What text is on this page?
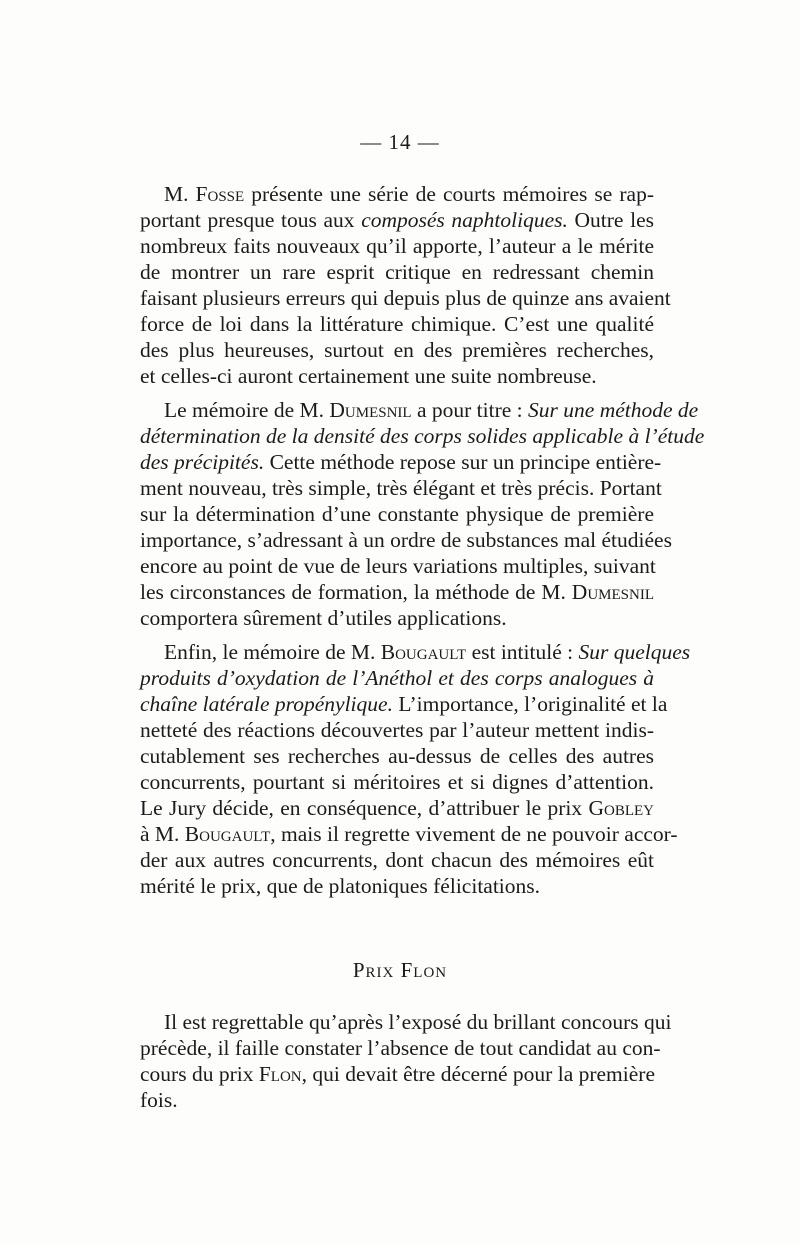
— 14 —
M. Fosse présente une série de courts mémoires se rap-
portant presque tous aux composés naphtoliques. Outre les
nombreux faits nouveaux qu’il apporte, l’auteur a le mérite
de montrer un rare esprit critique en redressant chemin
faisant plusieurs erreurs qui depuis plus de quinze ans avaient
force de loi dans la littérature chimique. C’est une qualité
des plus heureuses, surtout en des premières recherches,
et celles-ci auront certainement une suite nombreuse.
Le mémoire de M. Dumesnil a pour titre : Sur une méthode de
détermination de la densité des corps solides applicable à l’étude
des précipités. Cette méthode repose sur un principe entière-
ment nouveau, très simple, très élégant et très précis. Portant
sur la détermination d’une constante physique de première
importance, s’adressant à un ordre de substances mal étudiées
encore au point de vue de leurs variations multiples, suivant
les circonstances de formation, la méthode de M. Dumesnil
comportera sûrement d’utiles applications.
Enfin, le mémoire de M. Bougault est intitulé : Sur quelques
produits d’oxydation de l’Anéthol et des corps analogues à
chaîne latérale propénylique. L’importance, l’originalité et la
netteté des réactions découvertes par l’auteur mettent indis-
cutablement ses recherches au-dessus de celles des autres
concurrents, pourtant si méritoires et si dignes d’attention.
Le Jury décide, en conséquence, d’attribuer le prix Gobley
à M. Bougault, mais il regrette vivement de ne pouvoir accor-
der aux autres concurrents, dont chacun des mémoires eût
mérité le prix, que de platoniques félicitations.
Prix Flon
Il est regrettable qu’après l’exposé du brillant concours qui
précède, il faille constater l’absence de tout candidat au con-
cours du prix Flon, qui devait être décerné pour la première
fois.
